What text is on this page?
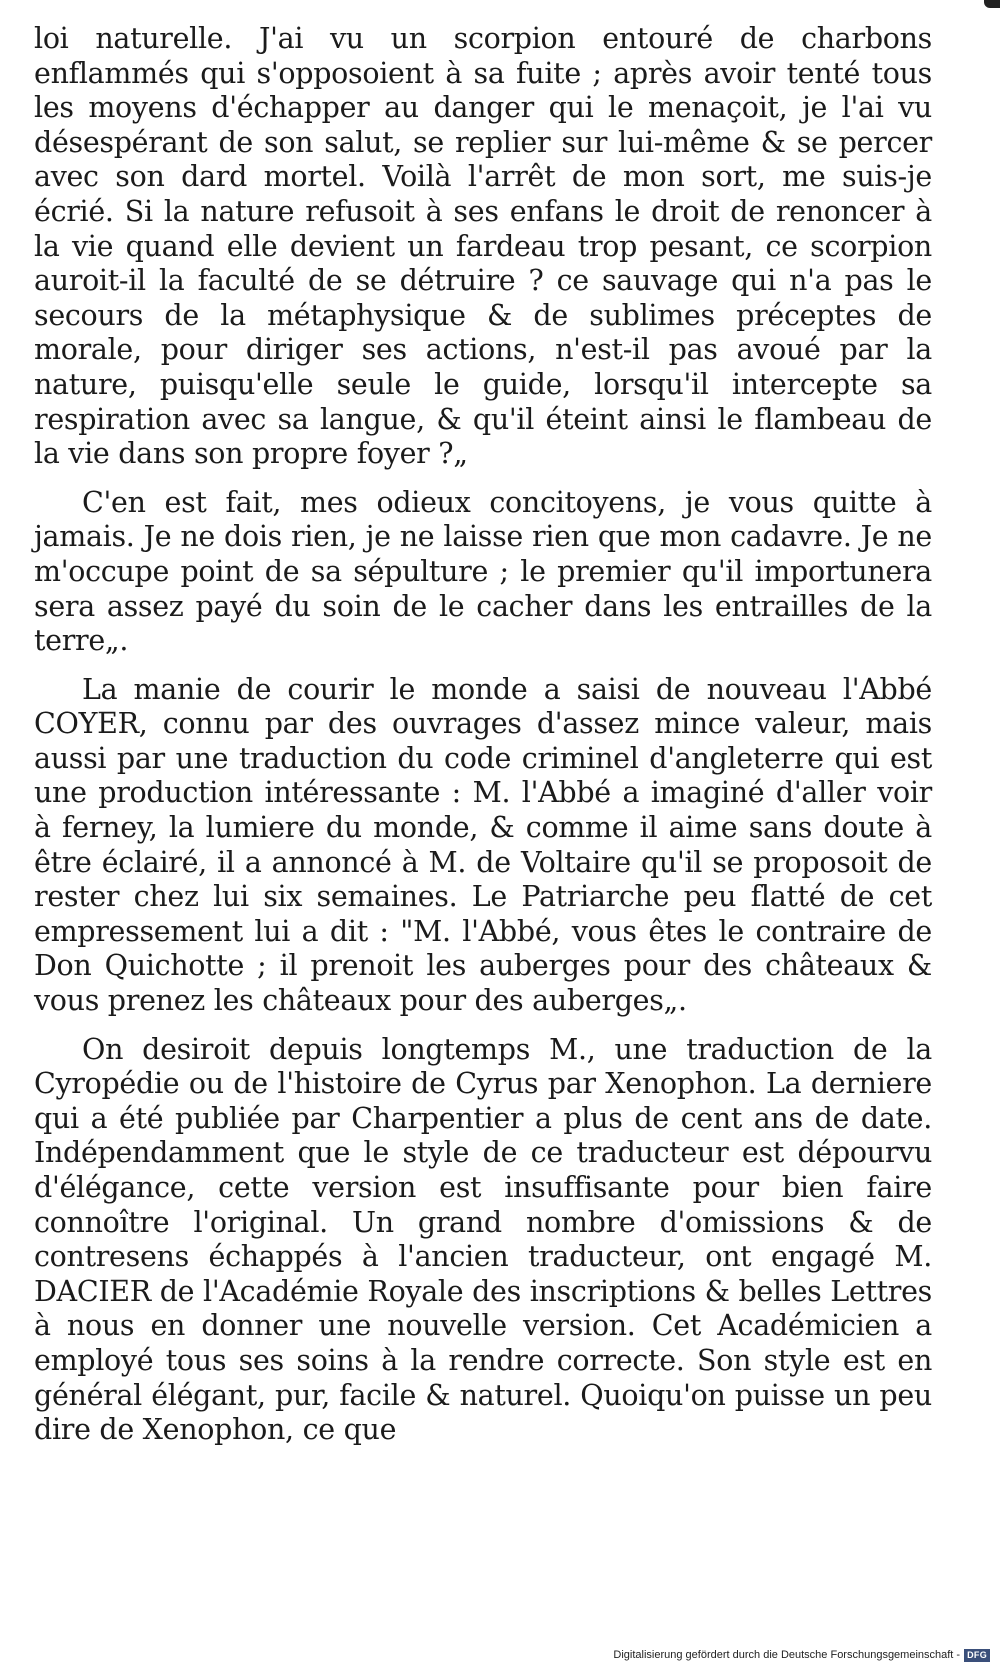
loi naturelle. J'ai vu un scorpion entouré de charbons enflammés qui s'opposoient à sa fuite ; après avoir tenté tous les moyens d'échapper au danger qui le menaçoit, je l'ai vu désespérant de son salut, se replier sur lui-même & se percer avec son dard mortel. Voilà l'arrêt de mon sort, me suis-je écrié. Si la nature refusoit à ses enfans le droit de renoncer à la vie quand elle devient un fardeau trop pesant, ce scorpion auroit-il la faculté de se détruire ? ce sauvage qui n'a pas le secours de la métaphysique & de sublimes préceptes de morale, pour diriger ses actions, n'est-il pas avoué par la nature, puisqu'elle seule le guide, lorsqu'il intercepte sa respiration avec sa langue, & qu'il éteint ainsi le flambeau de la vie dans son propre foyer ?„

C'en est fait, mes odieux concitoyens, je vous quitte à jamais. Je ne dois rien, je ne laisse rien que mon cadavre. Je ne m'occupe point de sa sépulture ; le premier qu'il importunera sera assez payé du soin de le cacher dans les entrailles de la terre„.

La manie de courir le monde a saisi de nouveau l'Abbé COYER, connu par des ouvrages d'assez mince valeur, mais aussi par une traduction du code criminel d'angleterre qui est une production intéressante : M. l'Abbé a imaginé d'aller voir à ferney, la lumiere du monde, & comme il aime sans doute à être éclairé, il a annoncé à M. de Voltaire qu'il se proposoit de rester chez lui six semaines. Le Patriarche peu flatté de cet empressement lui a dit : "M. l'Abbé, vous êtes le contraire de Don Quichotte ; il prenoit les auberges pour des châteaux & vous prenez les châteaux pour des auberges„.

On desiroit depuis longtemps M., une traduction de la Cyropédie ou de l'histoire de Cyrus par Xenophon. La derniere qui a été publiée par Charpentier a plus de cent ans de date. Indépendamment que le style de ce traducteur est dépourvu d'élégance, cette version est insuffisante pour bien faire connoître l'original. Un grand nombre d'omissions & de contresens échappés à l'ancien traducteur, ont engagé M. DACIER de l'Académie Royale des inscriptions & belles Lettres à nous en donner une nouvelle version. Cet Académicien a employé tous ses soins à la rendre correcte. Son style est en général élégant, pur, facile & naturel. Quoiqu'on puisse un peu dire de Xenophon, ce que

Digitalisierung gefördert durch die Deutsche Forschungsgemeinschaft - DFG
